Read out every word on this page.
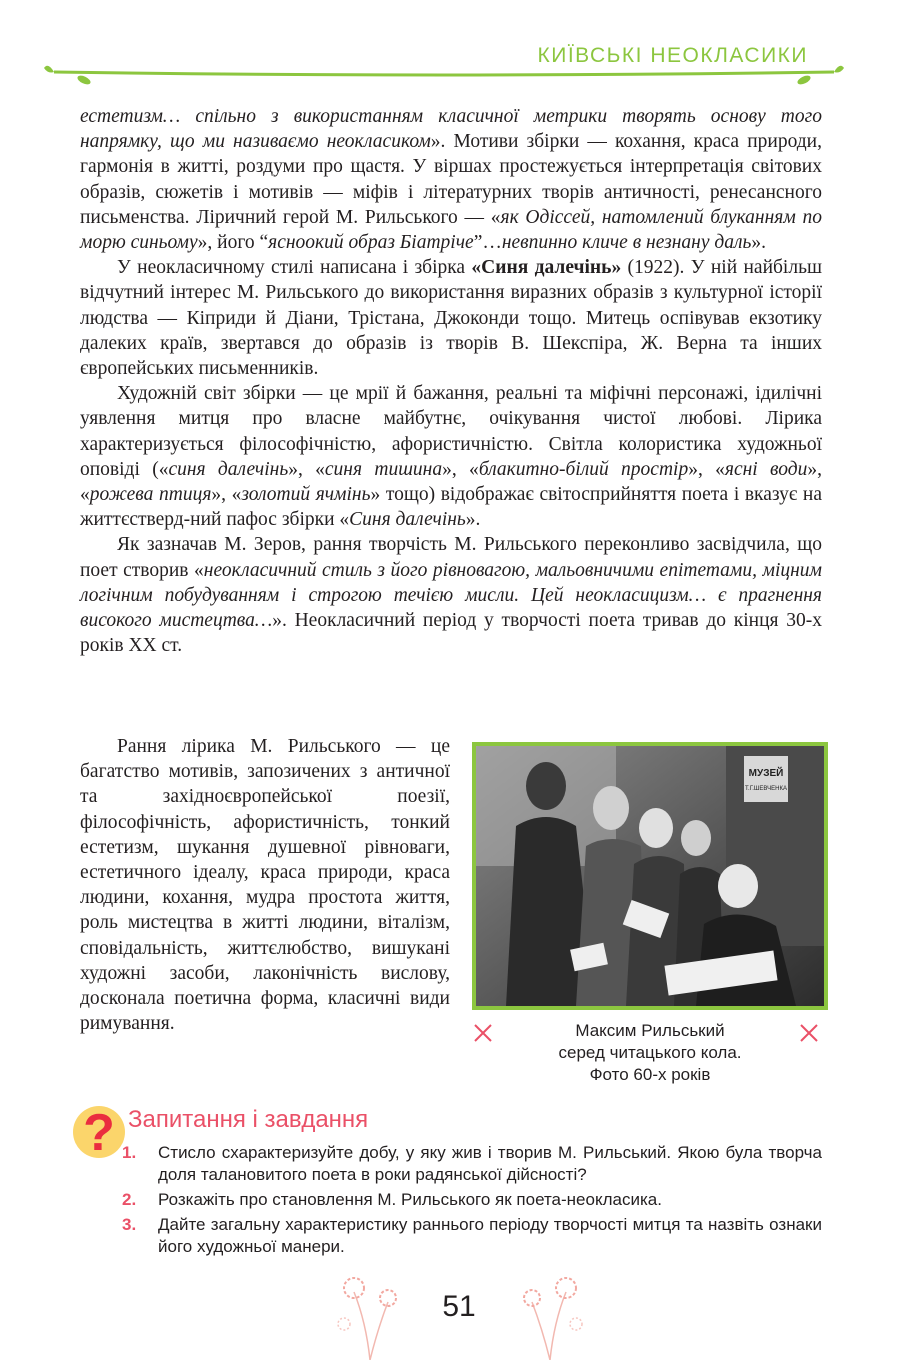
КИЇВСЬКІ НЕОКЛАСИКИ

естетизм… спільно з використанням класичної метрики творять основу того напрямку, що ми називаємо неокласиком». Мотиви збірки — кохання, краса природи, гармонія в житті, роздуми про щастя. У віршах простежується інтерпретація світових образів, сюжетів і мотивів — міфів і літературних творів античності, ренесансного письменства. Ліричний герой М. Рильського — «як Одіссей, натомлений блуканням по морю синьому», його “ясноокий образ Біатріче”…невпинно кличе в незнану даль».

У неокласичному стилі написана і збірка «Синя далечінь» (1922). У ній найбільш відчутний інтерес М. Рильського до використання виразних образів з культурної історії людства — Кіприди й Діани, Трістана, Джоконди тощо. Митець оспівував екзотику далеких країв, звертався до образів із творів В. Шекспіра, Ж. Верна та інших європейських письменників.

Художній світ збірки — це мрії й бажання, реальні та міфічні персонажі, ідилічні уявлення митця про власне майбутнє, очікування чистої любові. Лірика характеризується філософічністю, афористичністю. Світла колористика художньої оповіді («синя далечінь», «синя тишина», «блакитно-білий простір», «ясні води», «рожева птиця», «золотий ячмінь» тощо) відображає світосприйняття поета і вказує на життєстверд-ний пафос збірки «Синя далечінь».

Як зазначав М. Зеров, рання творчість М. Рильського переконливо засвідчила, що поет створив «неокласичний стиль з його рівновагою, мальовничими епітетами, міцним логічним побудуванням і строгою течією мисли. Цей неокласицизм… є прагнення високого мистецтва…». Неокласичний період у творчості поета тривав до кінця 30-х років XX ст.

Рання лірика М. Рильського — це багатство мотивів, запозичених з античної та західноєвропейської поезії, філософічність, афористичність, тонкий естетизм, шукання душевної рівноваги, естетичного ідеалу, краса природи, краса людини, кохання, мудра простота життя, роль мистецтва в житті людини, віталізм, сповідальність, життєлюбство, вишукані художні засоби, лаконічність вислову, досконала поетична форма, класичні види римування.

МУЗЕЙ
Т.Г.ШЕВЧЕНКА
Максим Рильський
серед читацького кола.
Фото 60-х років
? Запитання і завдання
1.	Стисло схарактеризуйте добу, у яку жив і творив М. Рильський. Якою була творча доля талановитого поета в роки радянської дійсності?
2.	Розкажіть про становлення М. Рильського як поета-неокласика.
3.	Дайте загальну характеристику раннього періоду творчості митця та назвіть ознаки його художньої манери.
51
